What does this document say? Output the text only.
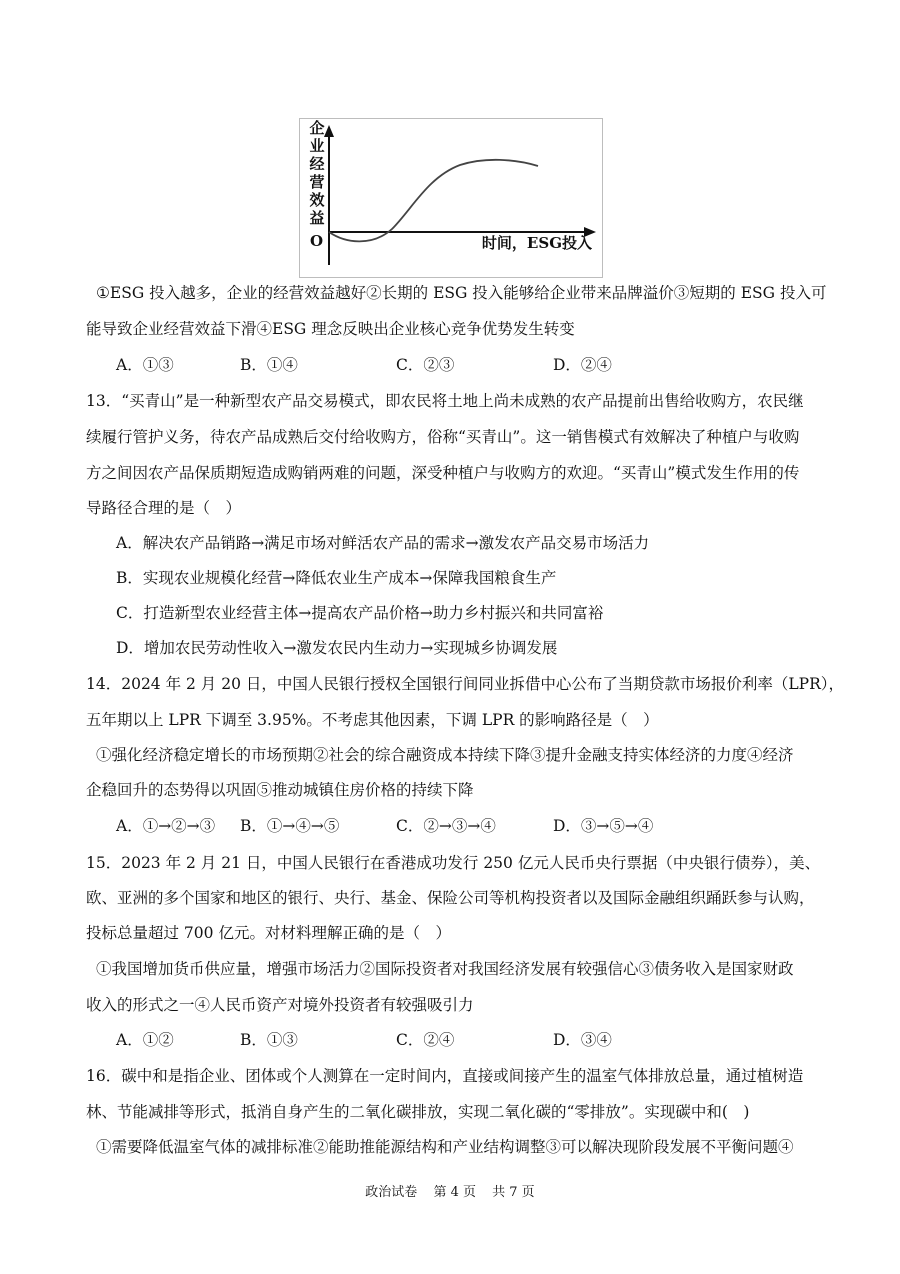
企业经营效益
O	时间，ESG投入
①ESG 投入越多，企业的经营效益越好②长期的 ESG 投入能够给企业带来品牌溢价③短期的 ESG 投入可
能导致企业经营效益下滑④ESG 理念反映出企业核心竞争优势发生转变
A．①③	B．①④	C．②③	D．②④
13．“买青山”是一种新型农产品交易模式，即农民将土地上尚未成熟的农产品提前出售给收购方，农民继
续履行管护义务，待农产品成熟后交付给收购方，俗称“买青山”。这一销售模式有效解决了种植户与收购
方之间因农产品保质期短造成购销两难的问题，深受种植户与收购方的欢迎。“买青山”模式发生作用的传
导路径合理的是（　）
A．解决农产品销路→满足市场对鲜活农产品的需求→激发农产品交易市场活力
B．实现农业规模化经营→降低农业生产成本→保障我国粮食生产
C．打造新型农业经营主体→提高农产品价格→助力乡村振兴和共同富裕
D．增加农民劳动性收入→激发农民内生动力→实现城乡协调发展
14．2024 年 2 月 20 日，中国人民银行授权全国银行间同业拆借中心公布了当期贷款市场报价利率（LPR），
五年期以上 LPR 下调至 3.95%。不考虑其他因素，下调 LPR 的影响路径是（　）
①强化经济稳定增长的市场预期②社会的综合融资成本持续下降③提升金融支持实体经济的力度④经济
企稳回升的态势得以巩固⑤推动城镇住房价格的持续下降
A．①→②→③ B．①→④→⑤	C．②→③→④	D．③→⑤→④
15．2023 年 2 月 21 日，中国人民银行在香港成功发行 250 亿元人民币央行票据（中央银行债券），美、
欧、亚洲的多个国家和地区的银行、央行、基金、保险公司等机构投资者以及国际金融组织踊跃参与认购，
投标总量超过 700 亿元。对材料理解正确的是（　）
①我国增加货币供应量，增强市场活力②国际投资者对我国经济发展有较强信心③债务收入是国家财政
收入的形式之一④人民币资产对境外投资者有较强吸引力
A．①②	B．①③	C．②④	D．③④
16．碳中和是指企业、团体或个人测算在一定时间内，直接或间接产生的温室气体排放总量，通过植树造
林、节能减排等形式，抵消自身产生的二氧化碳排放，实现二氧化碳的“零排放”。实现碳中和(　)
①需要降低温室气体的减排标准②能助推能源结构和产业结构调整③可以解决现阶段发展不平衡问题④
政治试卷 第 4 页 共 7 页
